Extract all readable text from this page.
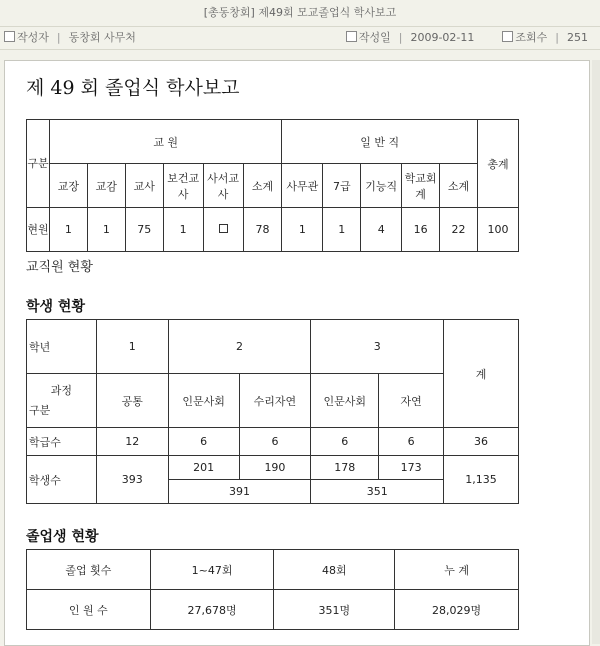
[총동창회] 제49회 모교졸업식 학사보고
작성자 | 동창회 사무처	작성일 | 2009-02-11	조회수 | 251
제 49 회 졸업식 학사보고
구분	교 원						일 반 직					총계
	교장	교감	교사	보건교사	사서교사	소계	사무관	7급	기능직	학교회계	소계	
현원	1	1	75	1		78	1	1	4	16	22	100
교직원 현황
학생 현황
학년	1	2		3		계

과정
구분	공통	인문사회	수리자연	인문사회	자연	
학급수	12	6	6	6	6	36
학생수	393	201	190	178	173	1,135
		391		351		
졸업생 현황
졸업 횟수	1~47회	48회	누 계
인 원 수	27,678명	351명	28,029명
